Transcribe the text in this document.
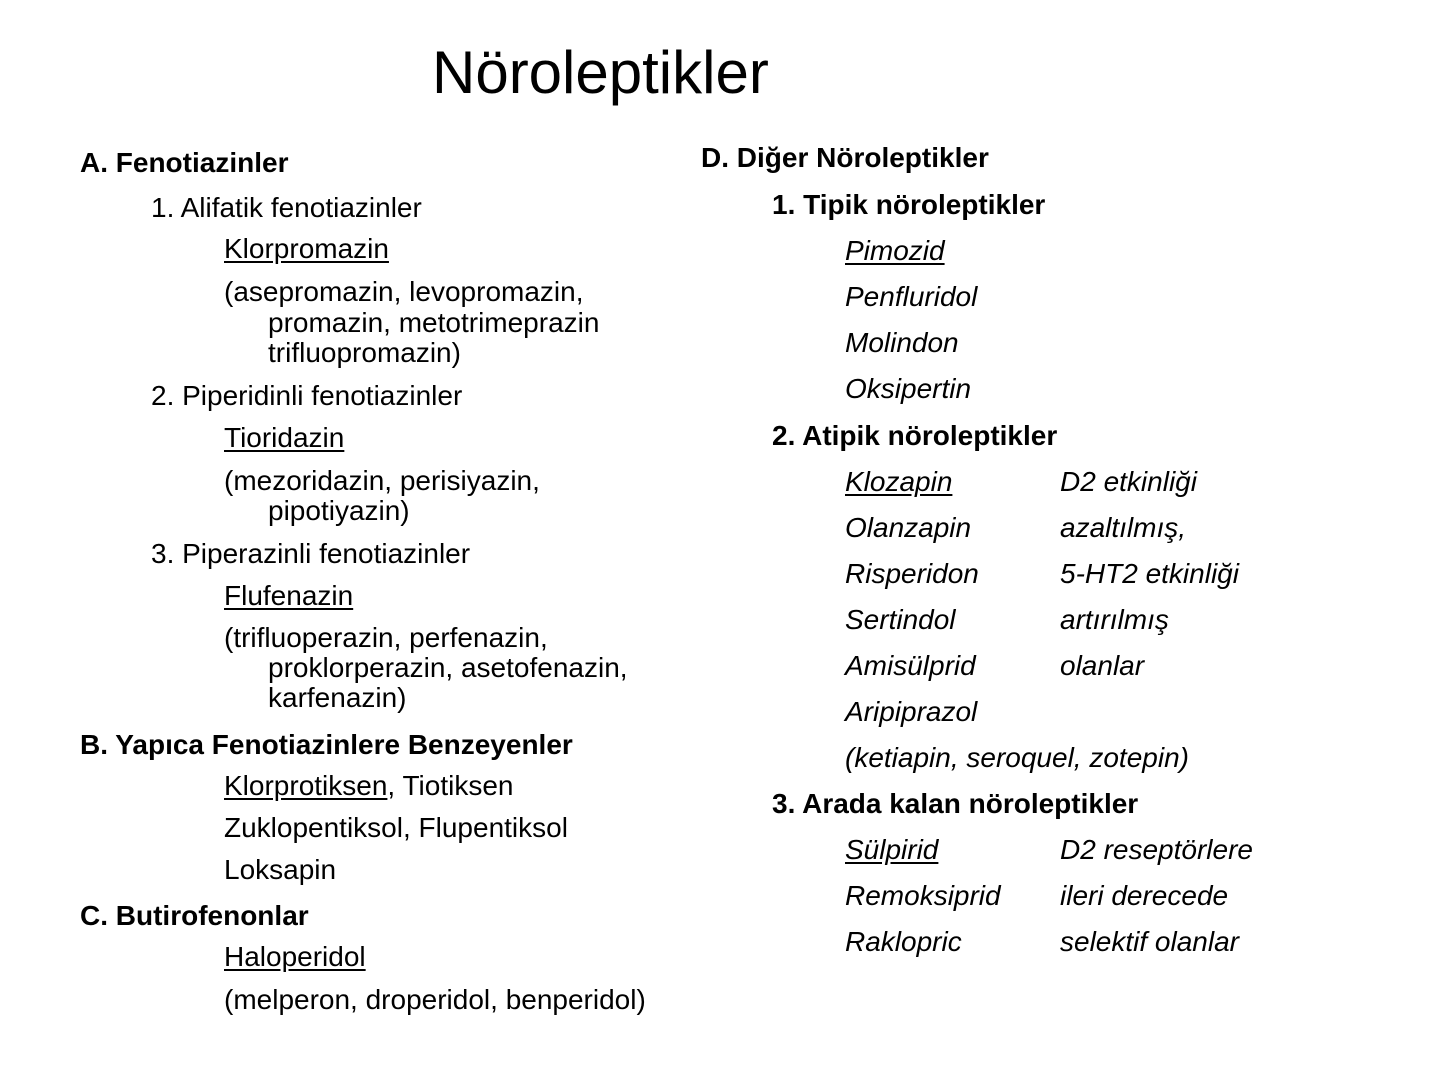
Nöroleptikler
A. Fenotiazinler
1. Alifatik fenotiazinler
Klorpromazin
(asepromazin, levopromazin,
promazin, metotrimeprazin
trifluopromazin)
2. Piperidinli fenotiazinler
Tioridazin
(mezoridazin, perisiyazin,
pipotiyazin)
3. Piperazinli fenotiazinler
Flufenazin
(trifluoperazin, perfenazin,
proklorperazin, asetofenazin,
karfenazin)
B. Yapıca Fenotiazinlere Benzeyenler
Klorprotiksen, Tiotiksen
Zuklopentiksol, Flupentiksol
Loksapin
C. Butirofenonlar
Haloperidol
(melperon, droperidol, benperidol)
D. Diğer Nöroleptikler
1. Tipik nöroleptikler
Pimozid
Penfluridol
Molindon
Oksipertin
2. Atipik nöroleptikler
Klozapin
Olanzapin
Risperidon
Sertindol
Amisülprid
Aripiprazol
D2 etkinliği
azaltılmış,
5-HT2 etkinliği
artırılmış
olanlar
(ketiapin, seroquel, zotepin)
3. Arada kalan nöroleptikler
Sülpirid
Remoksiprid
Raklopric
D2 reseptörlere
ileri derecede
selektif olanlar
